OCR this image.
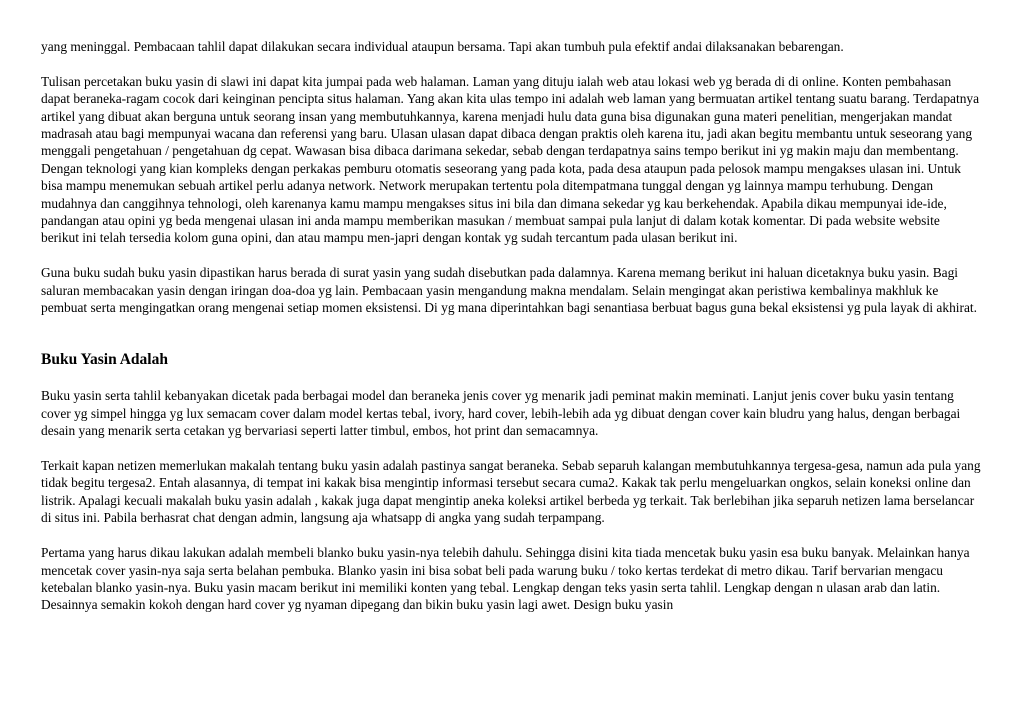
yang meninggal. Pembacaan tahlil dapat dilakukan secara individual ataupun bersama. Tapi akan tumbuh pula efektif andai dilaksanakan bebarengan.

Tulisan percetakan buku yasin di slawi ini dapat kita jumpai pada web halaman. Laman yang dituju ialah web atau lokasi web yg berada di di online. Konten pembahasan dapat beraneka-ragam cocok dari keinginan pencipta situs halaman. Yang akan kita ulas tempo ini adalah web laman yang bermuatan artikel tentang suatu barang. Terdapatnya artikel yang dibuat akan berguna untuk seorang insan yang membutuhkannya, karena menjadi hulu data guna bisa digunakan guna materi penelitian, mengerjakan mandat madrasah atau bagi mempunyai wacana dan referensi yang baru. Ulasan ulasan dapat dibaca dengan praktis oleh karena itu, jadi akan begitu membantu untuk seseorang yang menggali pengetahuan / pengetahuan dg cepat. Wawasan bisa dibaca darimana sekedar, sebab dengan terdapatnya sains tempo berikut ini yg makin maju dan membentang. Dengan teknologi yang kian kompleks dengan perkakas pemburu otomatis seseorang yang pada kota, pada desa ataupun pada pelosok mampu mengakses ulasan ini. Untuk bisa mampu menemukan sebuah artikel perlu adanya network. Network merupakan tertentu pola ditempatmana tunggal dengan yg lainnya mampu terhubung. Dengan mudahnya dan canggihnya tehnologi, oleh karenanya kamu mampu mengakses situs ini bila dan dimana sekedar yg kau berkehendak. Apabila dikau mempunyai ide-ide, pandangan atau opini yg beda mengenai ulasan ini anda mampu memberikan masukan / membuat sampai pula lanjut di dalam kotak komentar. Di pada website website berikut ini telah tersedia kolom guna opini, dan atau mampu men-japri dengan kontak yg sudah tercantum pada ulasan berikut ini.

Guna buku sudah buku yasin dipastikan harus berada di surat yasin yang sudah disebutkan pada dalamnya. Karena memang berikut ini haluan dicetaknya buku yasin. Bagi saluran membacakan yasin dengan iringan doa-doa yg lain. Pembacaan yasin mengandung makna mendalam. Selain mengingat akan peristiwa kembalinya makhluk ke pembuat serta mengingatkan orang mengenai setiap momen eksistensi. Di yg mana diperintahkan bagi senantiasa berbuat bagus guna bekal eksistensi yg pula layak di akhirat.

Buku Yasin Adalah

Buku yasin serta tahlil kebanyakan dicetak pada berbagai model dan beraneka jenis cover yg menarik jadi peminat makin meminati. Lanjut jenis cover buku yasin tentang cover yg simpel hingga yg lux semacam cover dalam model kertas tebal, ivory, hard cover, lebih-lebih ada yg dibuat dengan cover kain bludru yang halus, dengan berbagai desain yang menarik serta cetakan yg bervariasi seperti latter timbul, embos, hot print dan semacamnya.

Terkait kapan netizen memerlukan makalah tentang buku yasin adalah pastinya sangat beraneka. Sebab separuh kalangan membutuhkannya tergesa-gesa, namun ada pula yang tidak begitu tergesa2. Entah alasannya, di tempat ini kakak bisa mengintip informasi tersebut secara cuma2. Kakak tak perlu mengeluarkan ongkos, selain koneksi online dan listrik. Apalagi kecuali makalah buku yasin adalah , kakak juga dapat mengintip aneka koleksi artikel berbeda yg terkait. Tak berlebihan jika separuh netizen lama berselancar di situs ini. Pabila berhasrat chat dengan admin, langsung aja whatsapp di angka yang sudah terpampang.

Pertama yang harus dikau lakukan adalah membeli blanko buku yasin-nya telebih dahulu. Sehingga disini kita tiada mencetak buku yasin esa buku banyak. Melainkan hanya mencetak cover yasin-nya saja serta belahan pembuka. Blanko yasin ini bisa sobat beli pada warung buku / toko kertas terdekat di metro dikau. Tarif bervarian mengacu ketebalan blanko yasin-nya. Buku yasin macam berikut ini memiliki konten yang tebal. Lengkap dengan teks yasin serta tahlil. Lengkap dengan n ulasan arab dan latin. Desainnya semakin kokoh dengan hard cover yg nyaman dipegang dan bikin buku yasin lagi awet. Design buku yasin
